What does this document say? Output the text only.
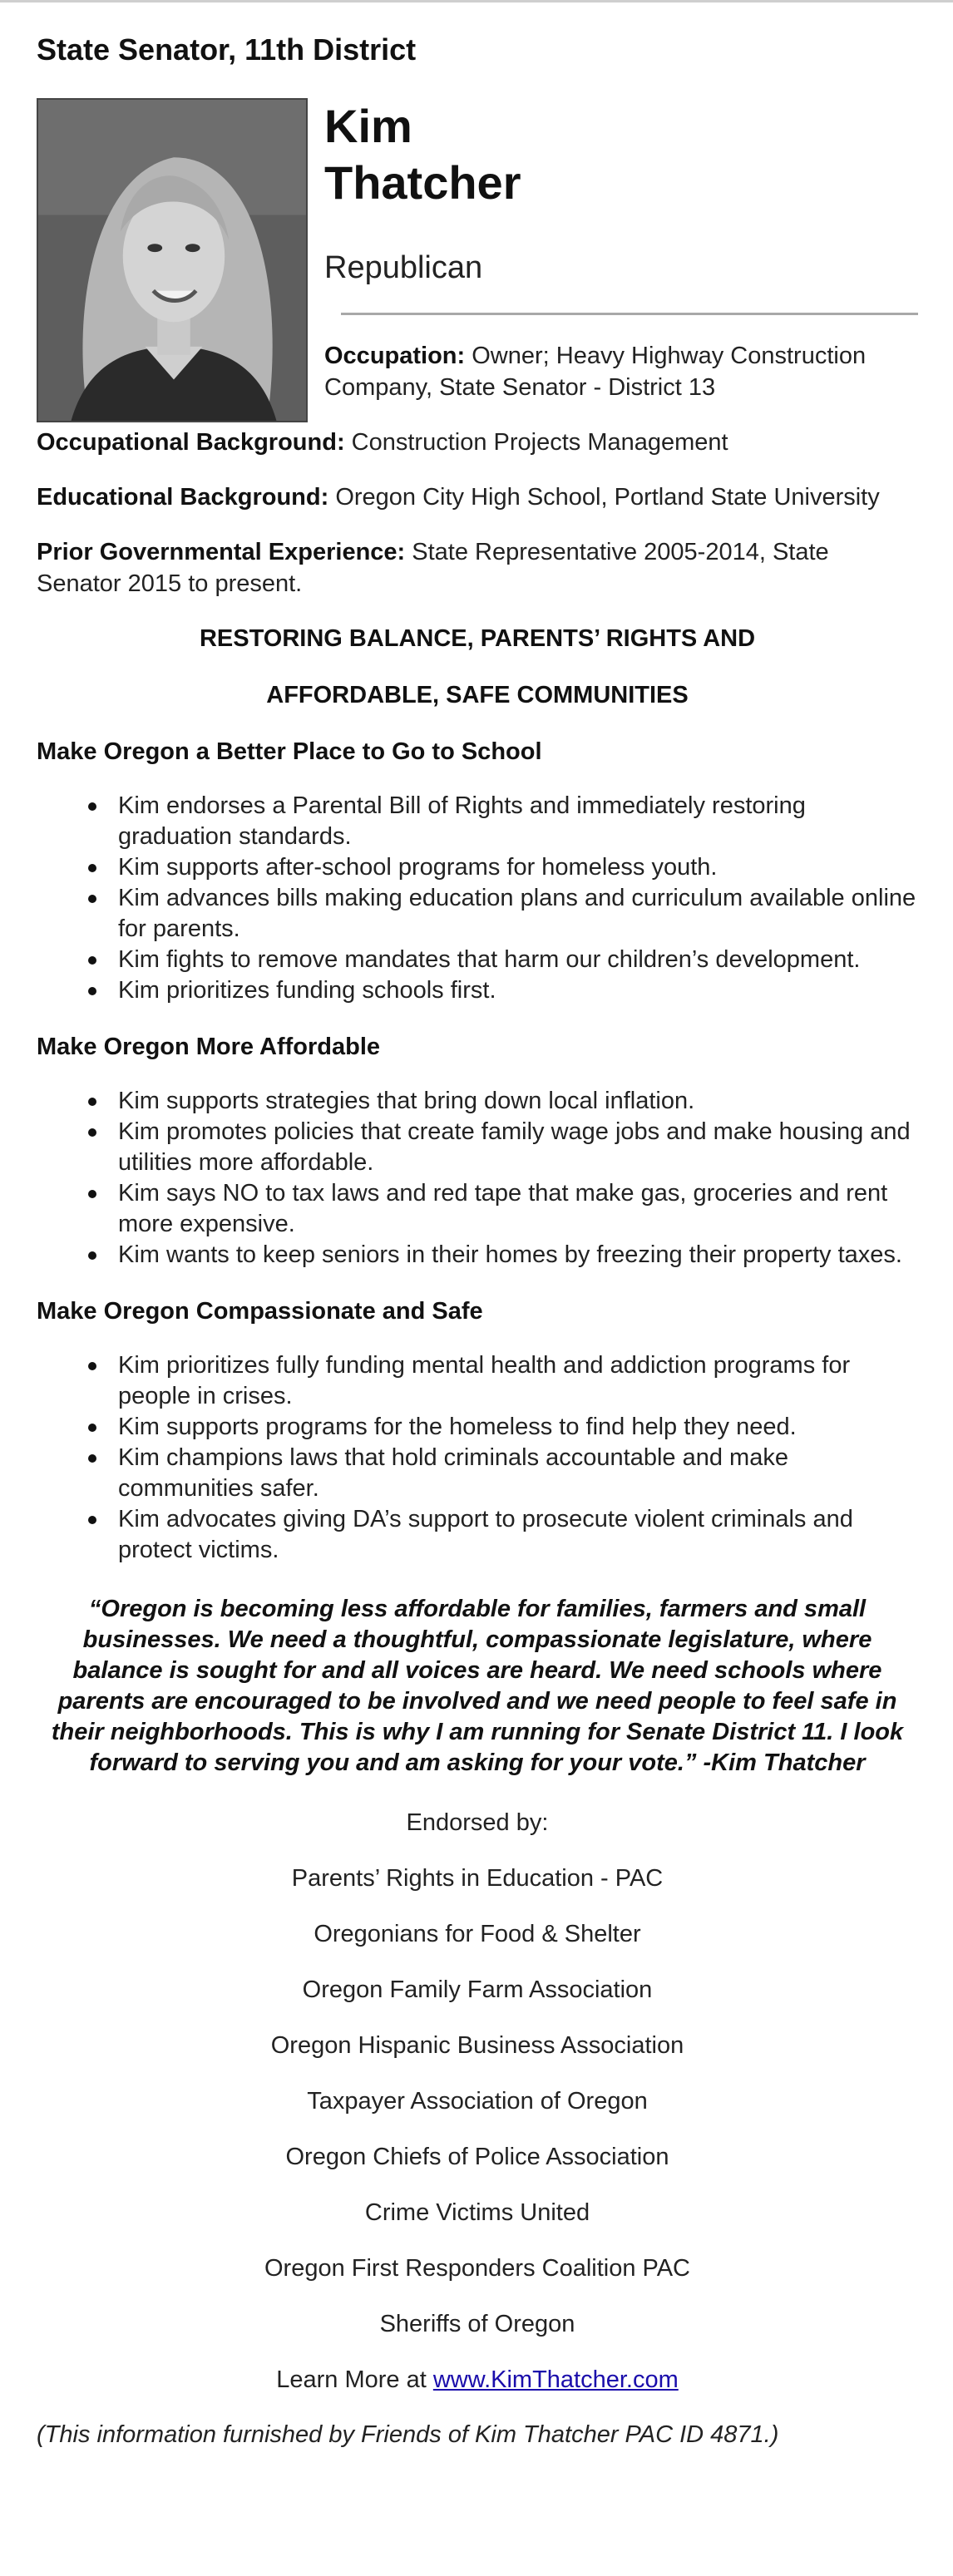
State Senator, 11th District
Kim
Thatcher

Republican

Occupation: Owner; Heavy Highway Construction Company, State Senator - District 13

Occupational Background: Construction Projects Management

Educational Background: Oregon City High School, Portland State University

Prior Governmental Experience: State Representative 2005-2014, State Senator 2015 to present.

RESTORING BALANCE, PARENTS’ RIGHTS AND

AFFORDABLE, SAFE COMMUNITIES

Make Oregon a Better Place to Go to School
Kim endorses a Parental Bill of Rights and immediately restoring graduation standards.
Kim supports after-school programs for homeless youth.
Kim advances bills making education plans and curriculum available online for parents.
Kim fights to remove mandates that harm our children’s development.
Kim prioritizes funding schools first.
Make Oregon More Affordable
Kim supports strategies that bring down local inflation.
Kim promotes policies that create family wage jobs and make housing and utilities more affordable.
Kim says NO to tax laws and red tape that make gas, groceries and rent more expensive.
Kim wants to keep seniors in their homes by freezing their property taxes.
Make Oregon Compassionate and Safe
Kim prioritizes fully funding mental health and addiction programs for people in crises.
Kim supports programs for the homeless to find help they need.
Kim champions laws that hold criminals accountable and make communities safer.
Kim advocates giving DA’s support to prosecute violent criminals and protect victims.

“Oregon is becoming less affordable for families, farmers and small businesses. We need a thoughtful, compassionate legislature, where balance is sought for and all voices are heard. We need schools where parents are encouraged to be involved and we need people to feel safe in their neighborhoods. This is why I am running for Senate District 11. I look forward to serving you and am asking for your vote.” -Kim Thatcher

Endorsed by:

Parents’ Rights in Education - PAC
Oregonians for Food & Shelter
Oregon Family Farm Association
Oregon Hispanic Business Association
Taxpayer Association of Oregon
Oregon Chiefs of Police Association
Crime Victims United
Oregon First Responders Coalition PAC
Sheriffs of Oregon

Learn More at www.KimThatcher.com

(This information furnished by Friends of Kim Thatcher PAC ID 4871.)
